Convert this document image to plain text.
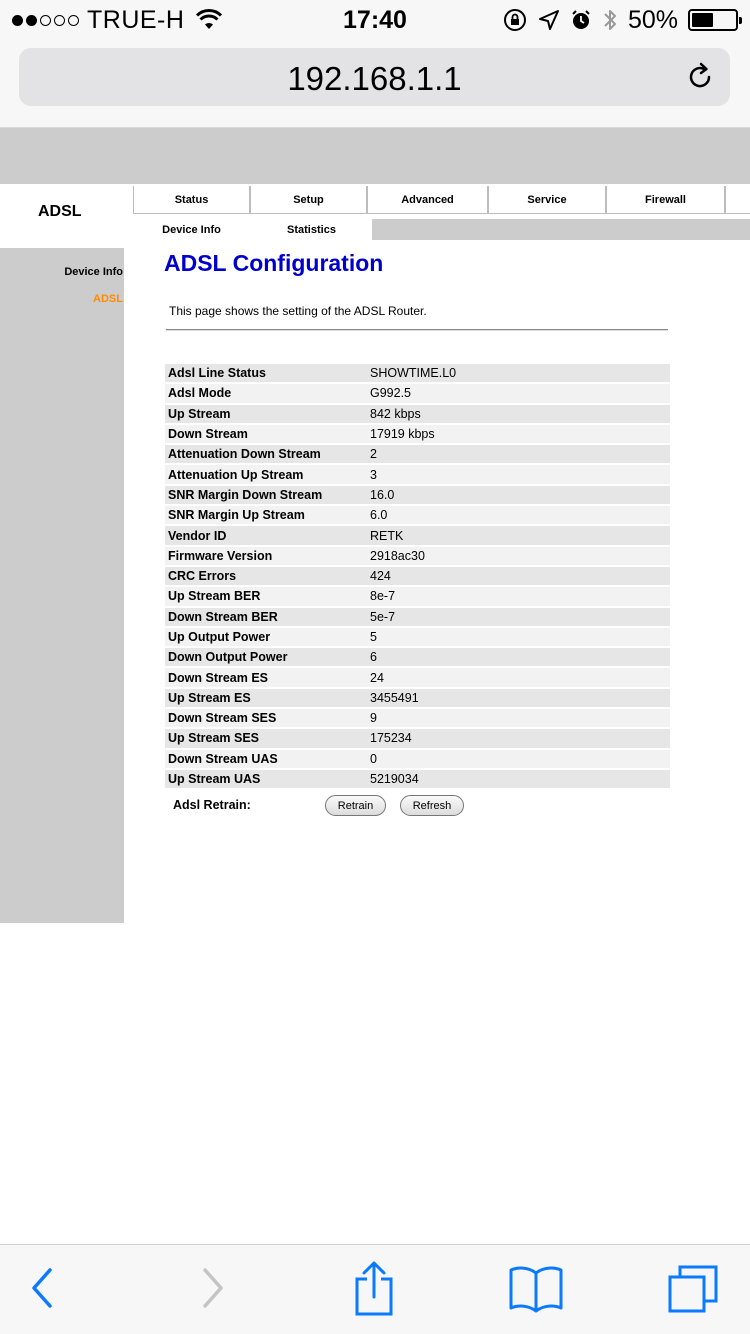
TRUE-H	17:40	50%
192.168.1.1
ADSL
Status	Setup	Advanced	Service	Firewall
Device Info	Statistics
Device Info
ADSL
ADSL Configuration
This page shows the setting of the ADSL Router.
Adsl Line Status	SHOWTIME.L0
Adsl Mode	G992.5
Up Stream	842 kbps
Down Stream	17919 kbps
Attenuation Down Stream	2
Attenuation Up Stream	3
SNR Margin Down Stream	16.0
SNR Margin Up Stream	6.0
Vendor ID	RETK
Firmware Version	2918ac30
CRC Errors	424
Up Stream BER	8e-7
Down Stream BER	5e-7
Up Output Power	5
Down Output Power	6
Down Stream ES	24
Up Stream ES	3455491
Down Stream SES	9
Up Stream SES	175234
Down Stream UAS	0
Up Stream UAS	5219034
Adsl Retrain:	Retrain	Refresh
